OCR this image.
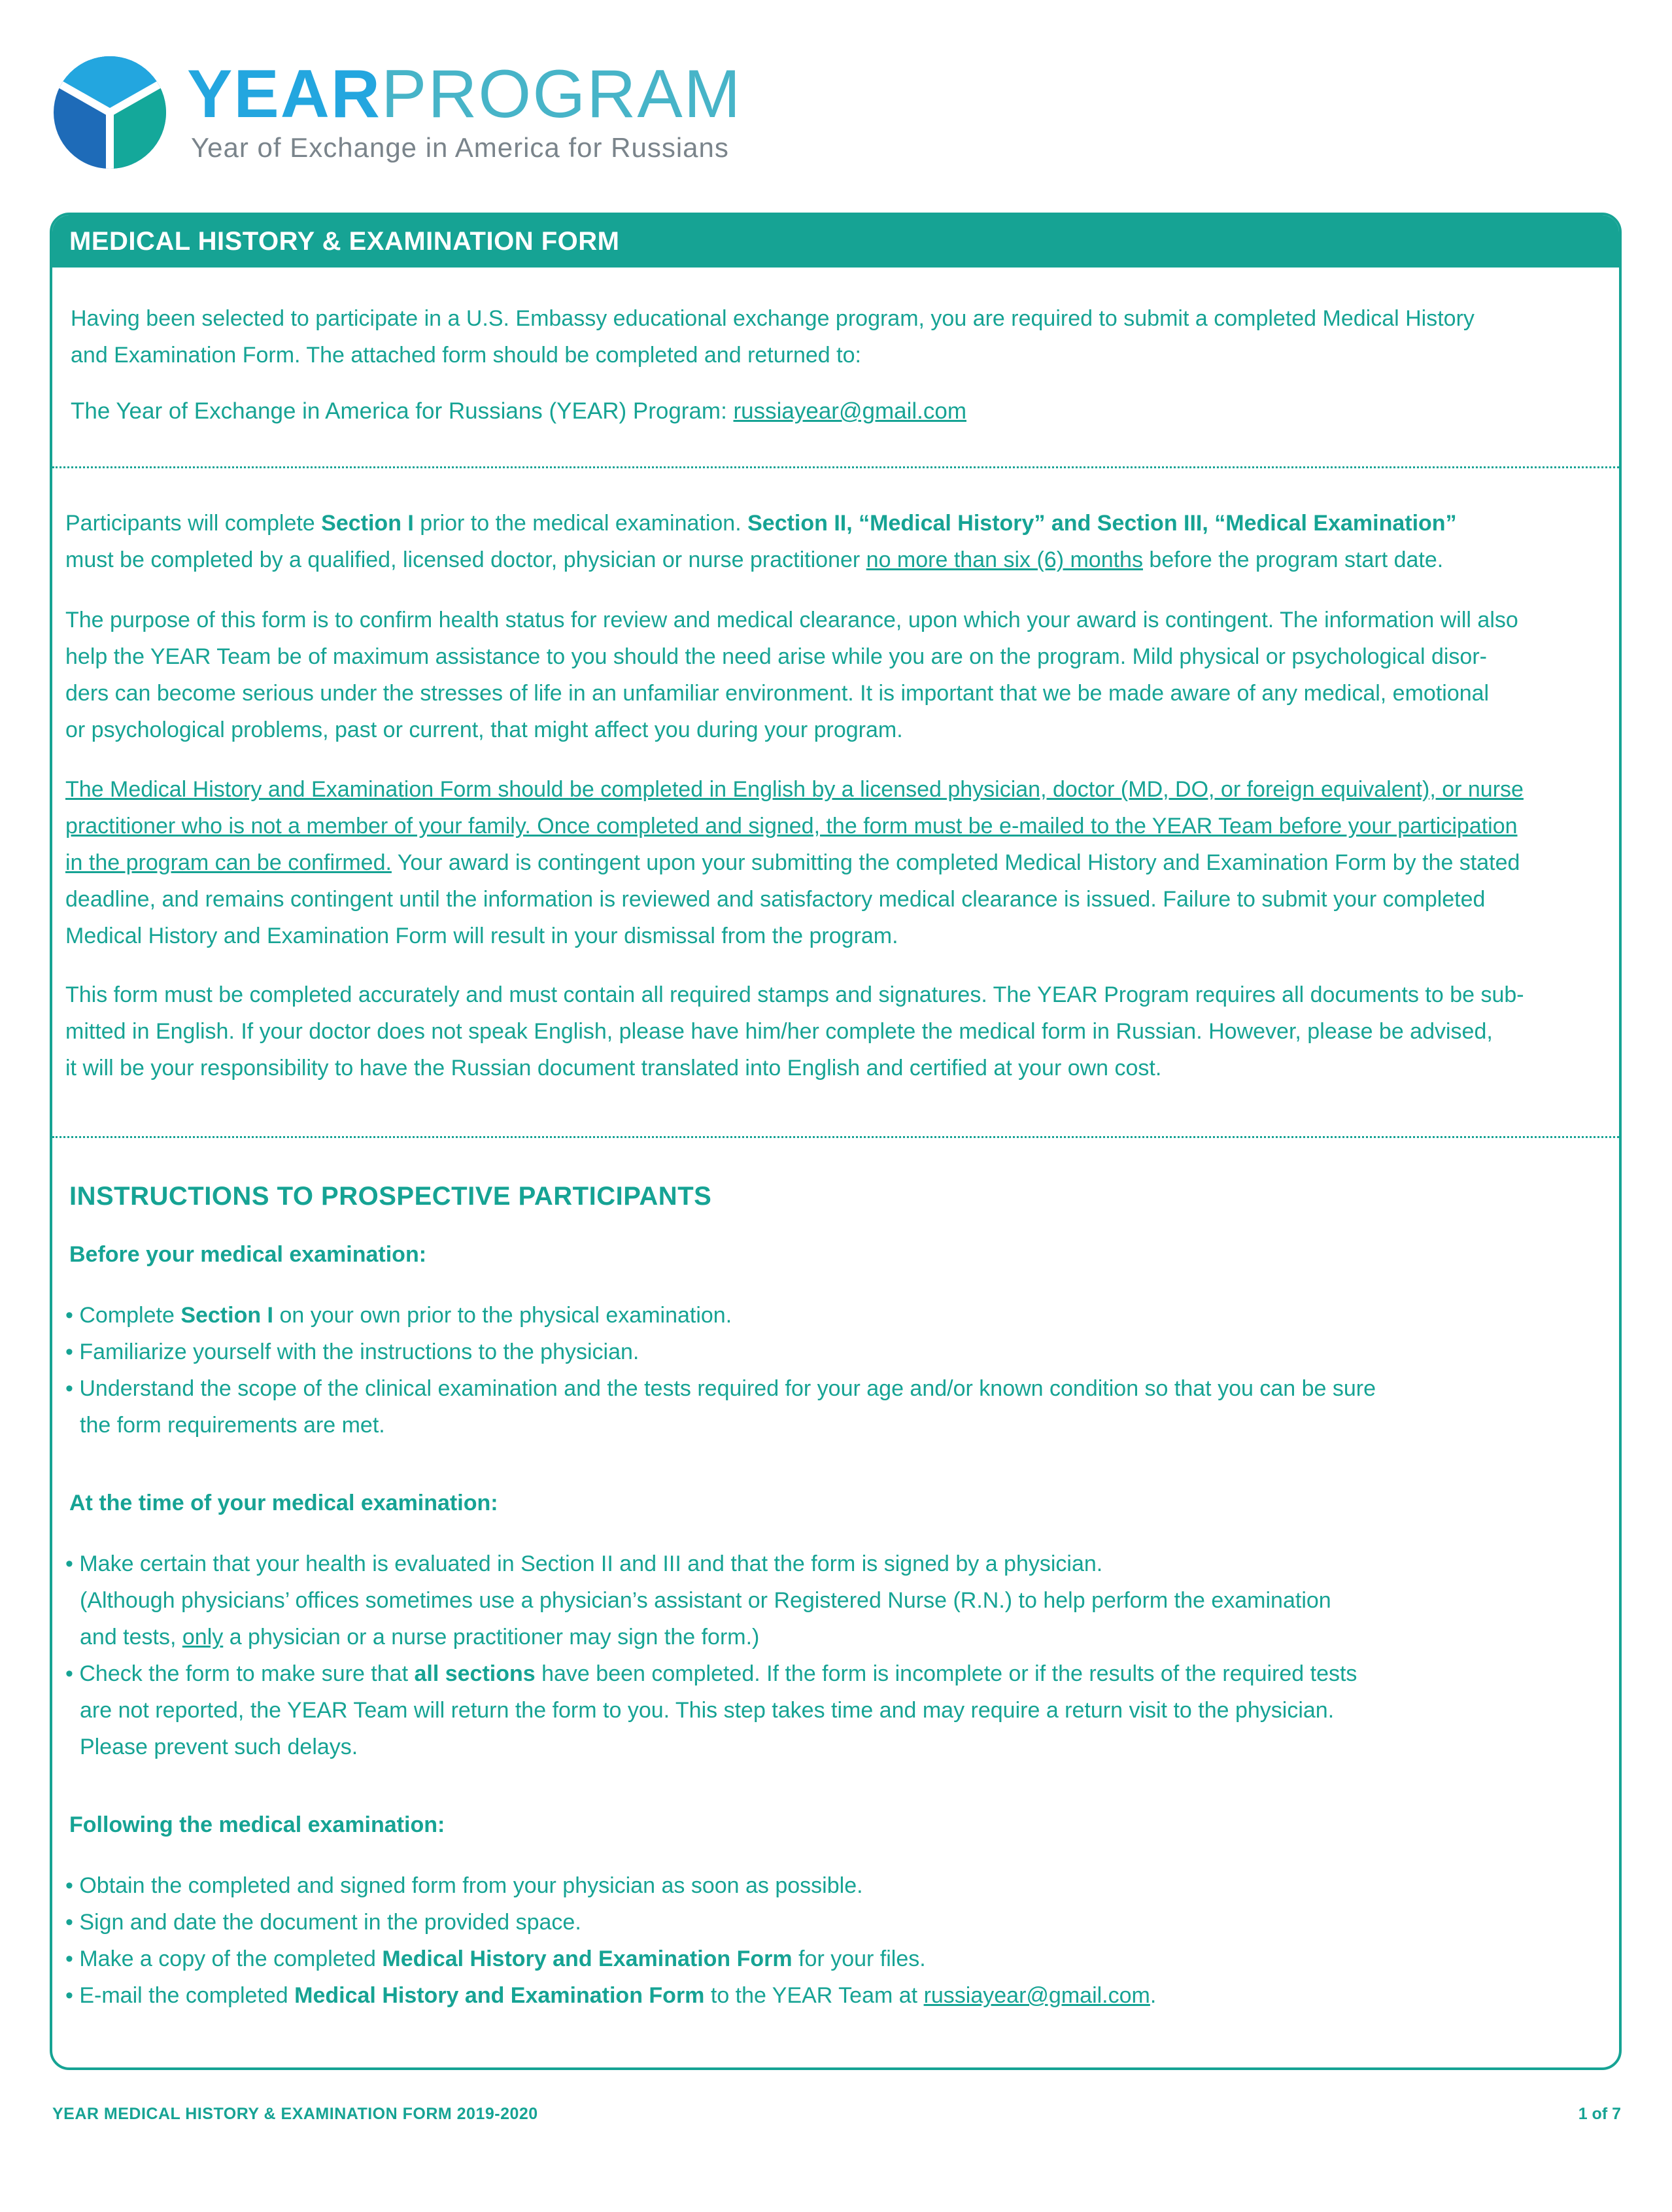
YEARPROGRAM
Year of Exchange in America for Russians
MEDICAL HISTORY & EXAMINATION FORM
Having been selected to participate in a U.S. Embassy educational exchange program, you are required to submit a completed Medical History
and Examination Form. The attached form should be completed and returned to:
The Year of Exchange in America for Russians (YEAR) Program: russiayear@gmail.com
Participants will complete Section I prior to the medical examination. Section II, “Medical History” and Section III, “Medical Examination”
must be completed by a qualified, licensed doctor, physician or nurse practitioner no more than six (6) months before the program start date.
The purpose of this form is to confirm health status for review and medical clearance, upon which your award is contingent. The information will also
help the YEAR Team be of maximum assistance to you should the need arise while you are on the program. Mild physical or psychological disor-
ders can become serious under the stresses of life in an unfamiliar environment. It is important that we be made aware of any medical, emotional
or psychological problems, past or current, that might affect you during your program.
The Medical History and Examination Form should be completed in English by a licensed physician, doctor (MD, DO, or foreign equivalent), or nurse
practitioner who is not a member of your family. Once completed and signed, the form must be e-mailed to the YEAR Team before your participation
in the program can be confirmed. Your award is contingent upon your submitting the completed Medical History and Examination Form by the stated
deadline, and remains contingent until the information is reviewed and satisfactory medical clearance is issued. Failure to submit your completed
Medical History and Examination Form will result in your dismissal from the program.
This form must be completed accurately and must contain all required stamps and signatures. The YEAR Program requires all documents to be sub-
mitted in English. If your doctor does not speak English, please have him/her complete the medical form in Russian. However, please be advised,
it will be your responsibility to have the Russian document translated into English and certified at your own cost.
INSTRUCTIONS TO PROSPECTIVE PARTICIPANTS
Before your medical examination:
• Complete Section I on your own prior to the physical examination.
• Familiarize yourself with the instructions to the physician.
• Understand the scope of the clinical examination and the tests required for your age and/or known condition so that you can be sure
the form requirements are met.
At the time of your medical examination:
• Make certain that your health is evaluated in Section II and III and that the form is signed by a physician.
(Although physicians’ offices sometimes use a physician’s assistant or Registered Nurse (R.N.) to help perform the examination
and tests, only a physician or a nurse practitioner may sign the form.)
• Check the form to make sure that all sections have been completed. If the form is incomplete or if the results of the required tests
are not reported, the YEAR Team will return the form to you. This step takes time and may require a return visit to the physician.
Please prevent such delays.
Following the medical examination:
• Obtain the completed and signed form from your physician as soon as possible.
• Sign and date the document in the provided space.
• Make a copy of the completed Medical History and Examination Form for your files.
• E-mail the completed Medical History and Examination Form to the YEAR Team at russiayear@gmail.com.
YEAR MEDICAL HISTORY & EXAMINATION FORM 2019-2020	1 of 7
